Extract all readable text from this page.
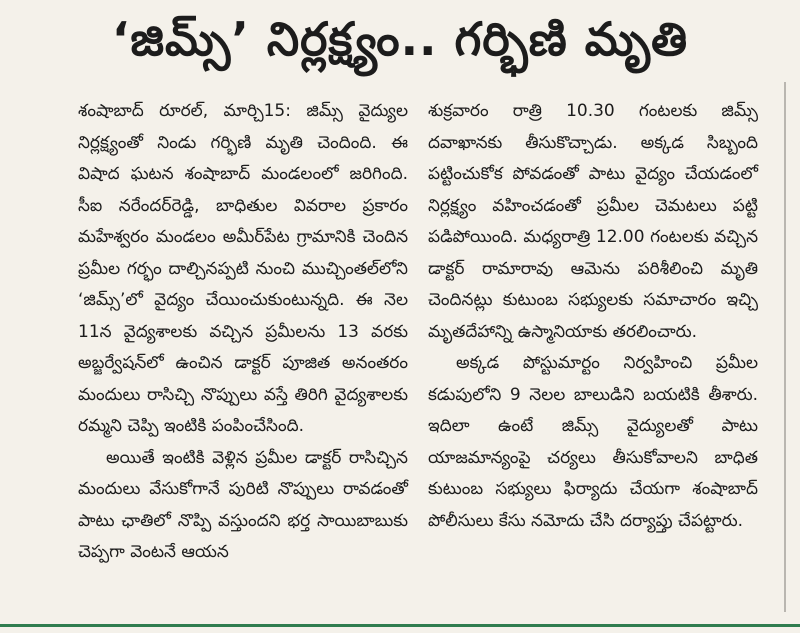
‘జిమ్స్’ నిర్లక్ష్యం.. గర్భిణి మృతి

శంషాబాద్ రూరల్, మార్చి15: జిమ్స్ వైద్యుల నిర్లక్ష్యంతో నిండు గర్భిణి మృతి చెందింది. ఈ విషాద ఘటన శంషాబాద్ మండలంలో జరిగింది. సీఐ నరేందర్‌రెడ్డి, బాధితుల వివరాల ప్రకారం మహేశ్వరం మండలం అమీర్‌పేట గ్రామానికి చెందిన ప్రమీల గర్భం దాల్చినప్పటి నుంచి ముచ్చింతల్‌లోని ‘జిమ్స్’లో వైద్యం చేయించుకుంటున్నది. ఈ నెల 11న వైద్యశాలకు వచ్చిన ప్రమీలను 13 వరకు అబ్జర్వేషన్‌లో ఉంచిన డాక్టర్ పూజిత అనంతరం మందులు రాసిచ్చి నొప్పులు వస్తే తిరిగి వైద్యశాలకు రమ్మని చెప్పి ఇంటికి పంపించేసింది.

అయితే ఇంటికి వెళ్లిన ప్రమీల డాక్టర్ రాసిచ్చిన మందులు వేసుకోగానే పురిటి నొప్పులు రావడంతో పాటు ఛాతిలో నొప్పి వస్తుందని భర్త సాయిబాబుకు చెప్పగా వెంటనే ఆయన

శుక్రవారం రాత్రి 10.30 గంటలకు జిమ్స్ దవాఖానకు తీసుకొచ్చాడు. అక్కడ సిబ్బంది పట్టించుకోక పోవడంతో పాటు వైద్యం చేయడంలో నిర్లక్ష్యం వహించడంతో ప్రమీల చెమటలు పట్టి పడిపోయింది. మధ్యరాత్రి 12.00 గంటలకు వచ్చిన డాక్టర్ రామారావు ఆమెను పరిశీలించి మృతి చెందినట్లు కుటుంబ సభ్యులకు సమాచారం ఇచ్చి మృతదేహాన్ని ఉస్మానియాకు తరలించారు.

అక్కడ పోస్టుమార్టం నిర్వహించి ప్రమీల కడుపులోని 9 నెలల బాలుడిని బయటికి తీశారు. ఇదిలా ఉంటే జిమ్స్ వైద్యులతో పాటు యాజమాన్యంపై చర్యలు తీసుకోవాలని బాధిత కుటుంబ సభ్యులు ఫిర్యాదు చేయగా శంషాబాద్ పోలీసులు కేసు నమోదు చేసి దర్యాప్తు చేపట్టారు.
